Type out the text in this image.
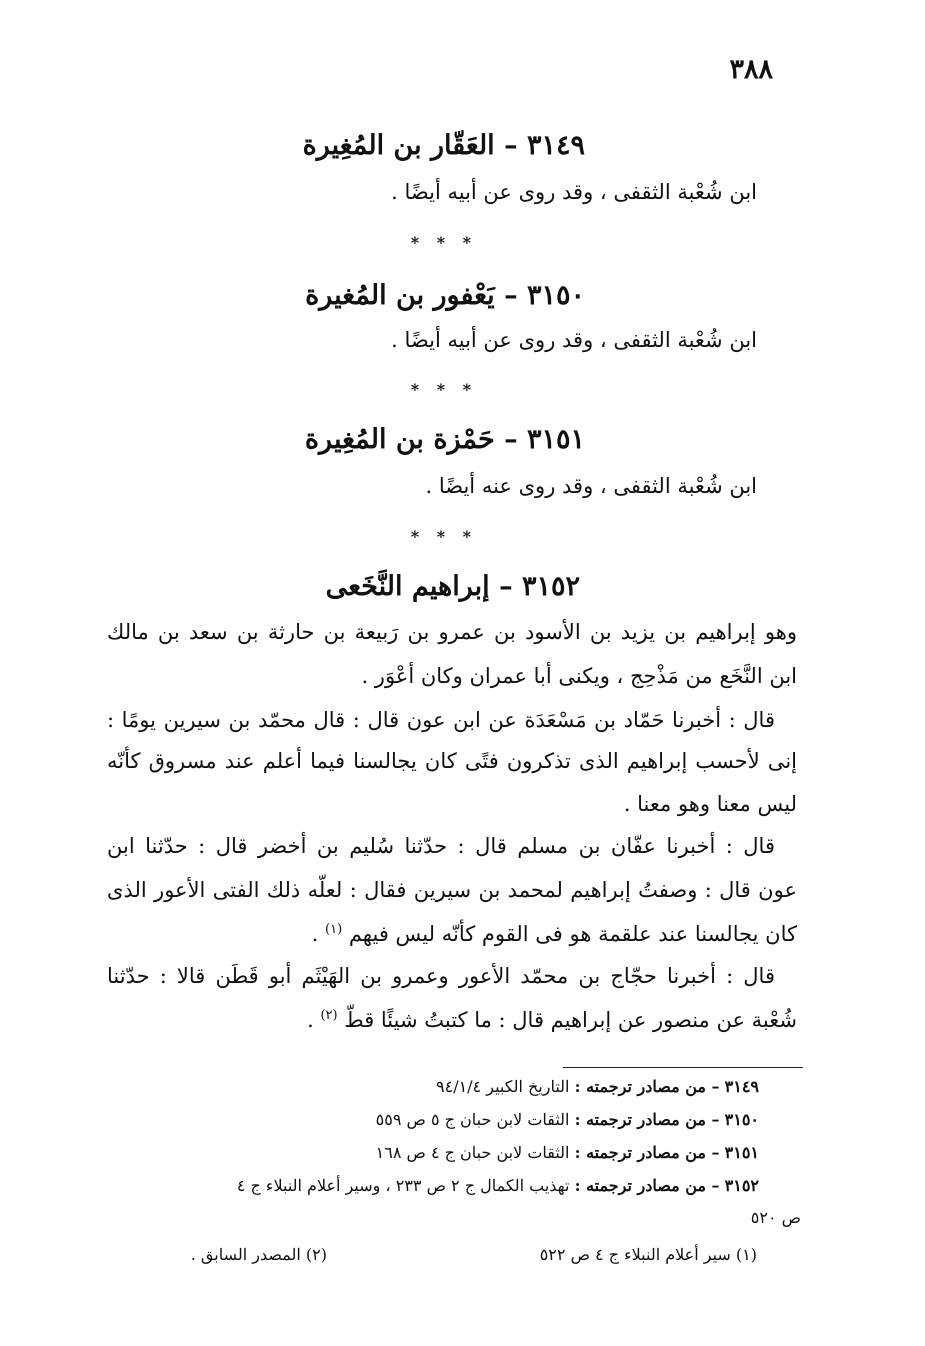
٣٨٨
٣١٤٩ – العَقّار بن المُغِيرة
ابن شُعْبة الثقفى ، وقد روى عن أبيه أيضًا .
* * *
٣١٥٠ – يَعْفور بن المُغيرة
ابن شُعْبة الثقفى ، وقد روى عن أبيه أيضًا .
* * *
٣١٥١ – حَمْزة بن المُغِيرة
ابن شُعْبة الثقفى ، وقد روى عنه أيضًا .
* * *
٣١٥٢ – إبراهيم النَّخَعى
وهو إبراهيم بن يزيد بن الأسود بن عمرو بن رَبيعة بن حارثة بن سعد بن مالك
ابن النَّخَع من مَذْحِج ، ويكنى أبا عمران وكان أعْوَر .
قال : أخبرنا حَمّاد بن مَسْعَدَة عن ابن عون قال : قال محمّد بن سيرين يومًا :
إنى لأحسب إبراهيم الذى تذكرون فتًى كان يجالسنا فيما أعلم عند مسروق كأنّه
ليس معنا وهو معنا .
قال : أخبرنا عفّان بن مسلم قال : حدّثنا سُليم بن أخضر قال : حدّثنا ابن
عون قال : وصفتُ إبراهيم لمحمد بن سيرين فقال : لعلّه ذلك الفتى الأعور الذى
كان يجالسنا عند علقمة هو فى القوم كأنّه ليس فيهم $^{(١)}$ .
قال : أخبرنا حجّاج بن محمّد الأعور وعمرو بن الهَيْثَم أبو قَطَن قالا : حدّثنا
شُعْبة عن منصور عن إبراهيم قال : ما كتبتُ شيئًا قطّ $^{(٢)}$ .
٣١٤٩ – من مصادر ترجمته : التاريخ الكبير ٩٤/١/٤
٣١٥٠ – من مصادر ترجمته : الثقات لابن حبان ج ٥ ص ٥٥٩
٣١٥١ – من مصادر ترجمته : الثقات لابن حبان ج ٤ ص ١٦٨
٣١٥٢ – من مصادر ترجمته : تهذيب الكمال ج ٢ ص ٢٣٣ ، وسير أعلام النبلاء ج ٤
ص ٥٢٠
(١) سير أعلام النبلاء ج ٤ ص ٥٢٢
(٢) المصدر السابق .
